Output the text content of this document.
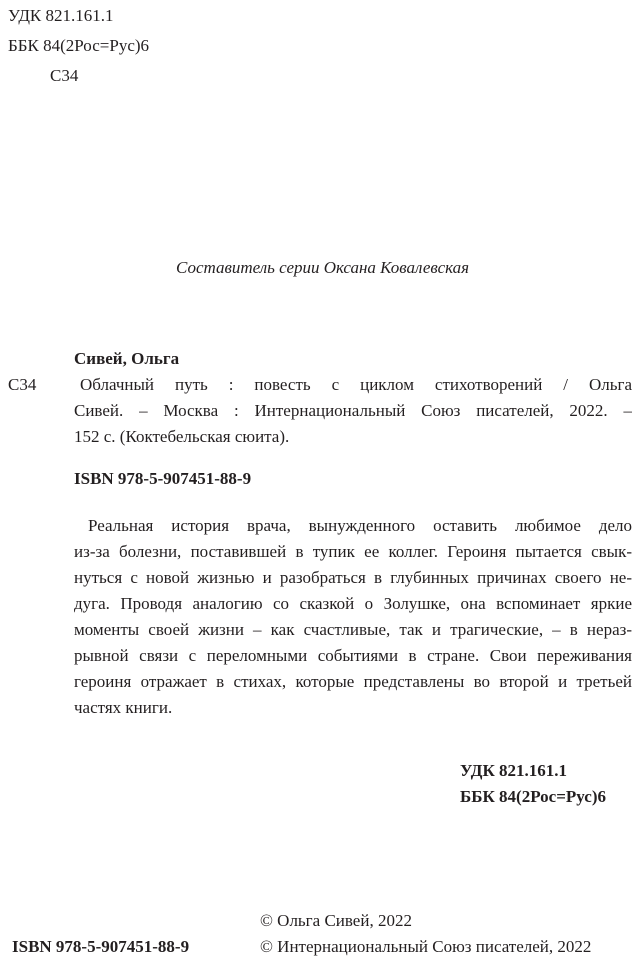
УДК 821.161.1
ББК 84(2Рос=Рус)6
С34
Составитель серии Оксана Ковалевская
Сивей, Ольга
С34	Облачный путь : повесть с циклом стихотворений / Ольга
Сивей. – Москва : Интернациональный Союз писателей, 2022. –
152 с. (Коктебельская сюита).
ISBN 978-5-907451-88-9
Реальная история врача, вынужденного оставить любимое дело
из-за болезни, поставившей в тупик ее коллег. Героиня пытается свык-
нуться с новой жизнью и разобраться в глубинных причинах своего не-
дуга. Проводя аналогию со сказкой о Золушке, она вспоминает яркие
моменты своей жизни – как счастливые, так и трагические, – в нераз-
рывной связи с переломными событиями в стране. Свои переживания
героиня отражает в стихах, которые представлены во второй и третьей
частях книги.
УДК 821.161.1
ББК 84(2Рос=Рус)6
© Ольга Сивей, 2022
ISBN 978-5-907451-88-9	© Интернациональный Союз писателей, 2022
